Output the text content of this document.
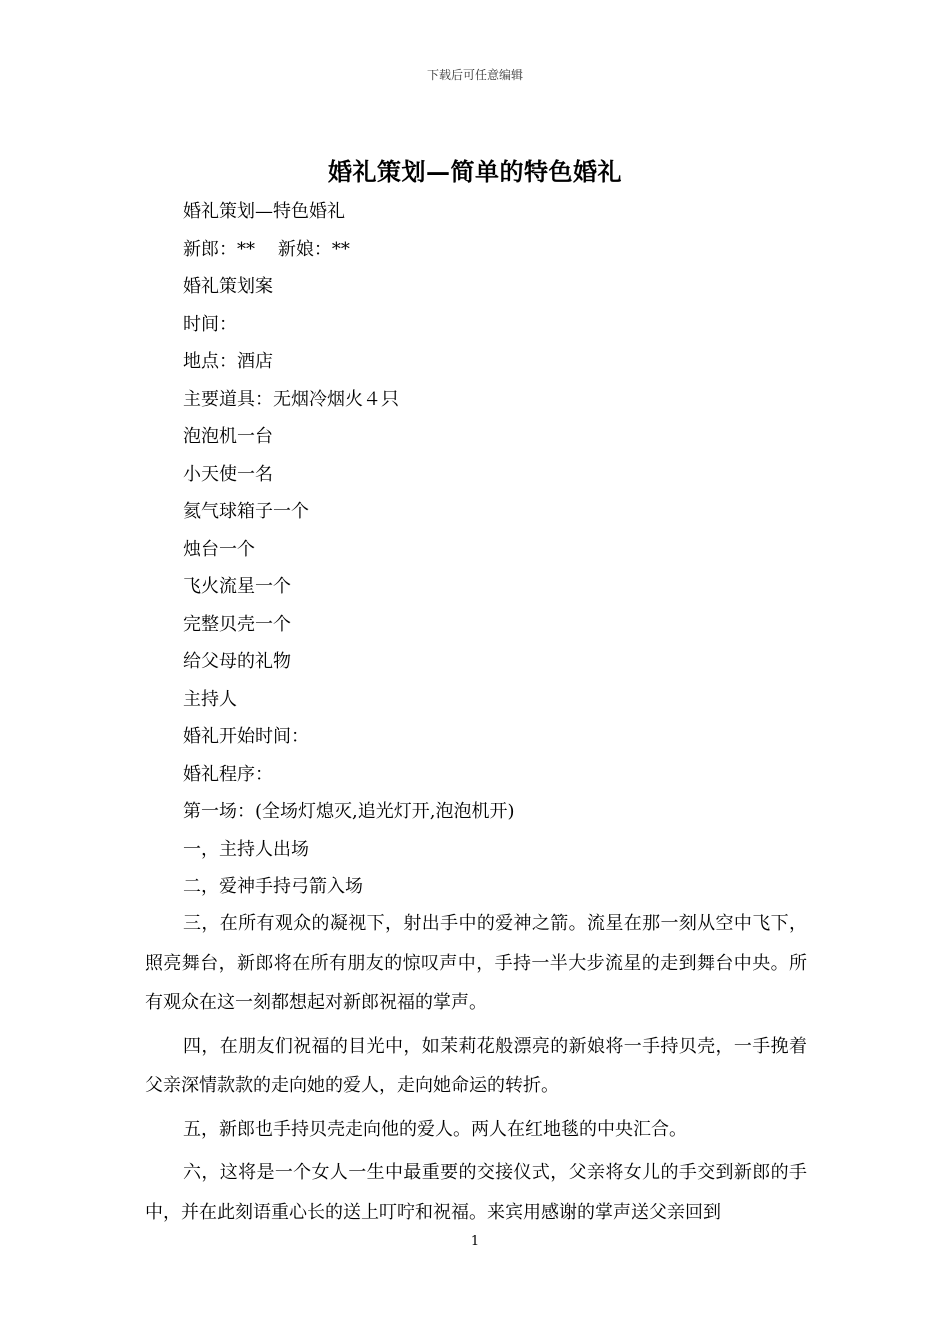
下载后可任意编辑
婚礼策划—简单的特色婚礼
婚礼策划—特色婚礼
新郎：**    新娘：**
婚礼策划案
时间：
地点：酒店
主要道具：无烟冷烟火４只
泡泡机一台
小天使一名
氦气球箱子一个
烛台一个
飞火流星一个
完整贝壳一个
给父母的礼物
主持人
婚礼开始时间：
婚礼程序：
第一场：(全场灯熄灭,追光灯开,泡泡机开)
一，主持人出场
二，爱神手持弓箭入场

三，在所有观众的凝视下，射出手中的爱神之箭。流星在那一刻从空中飞下，照亮舞台，新郎将在所有朋友的惊叹声中，手持一半大步流星的走到舞台中央。所有观众在这一刻都想起对新郎祝福的掌声。

四，在朋友们祝福的目光中，如茉莉花般漂亮的新娘将一手持贝壳，一手挽着父亲深情款款的走向她的爱人，走向她命运的转折。

五，新郎也手持贝壳走向他的爱人。两人在红地毯的中央汇合。

六，这将是一个女人一生中最重要的交接仪式，父亲将女儿的手交到新郎的手中，并在此刻语重心长的送上叮咛和祝福。来宾用感谢的掌声送父亲回到

1
